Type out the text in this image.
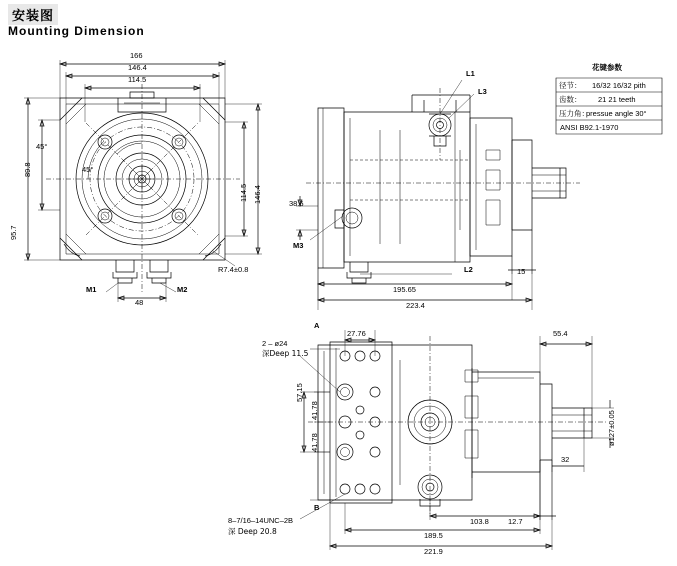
安装图
Mounting Dimension
花键参数
径节： 16/32 16/32 pith
齿数： 21 21 teeth
压力角：
pressue angle 30°
ANSI B92.1-1970
166
146.4
114.5
89.8
95.7
114.5 146.4
48
45°
45°
R7.4±0.8
M1	M2
L1
L3
L2
M3
38.5
195.65
223.4
15
A
B
27.76
2 – ø24
深Deep 11.5
57.15
41.78
41.78
55.4
ø127±0.05
32
12.7
103.8
189.5
221.9
8–7/16–14UNC–2B
深 Deep 20.8
